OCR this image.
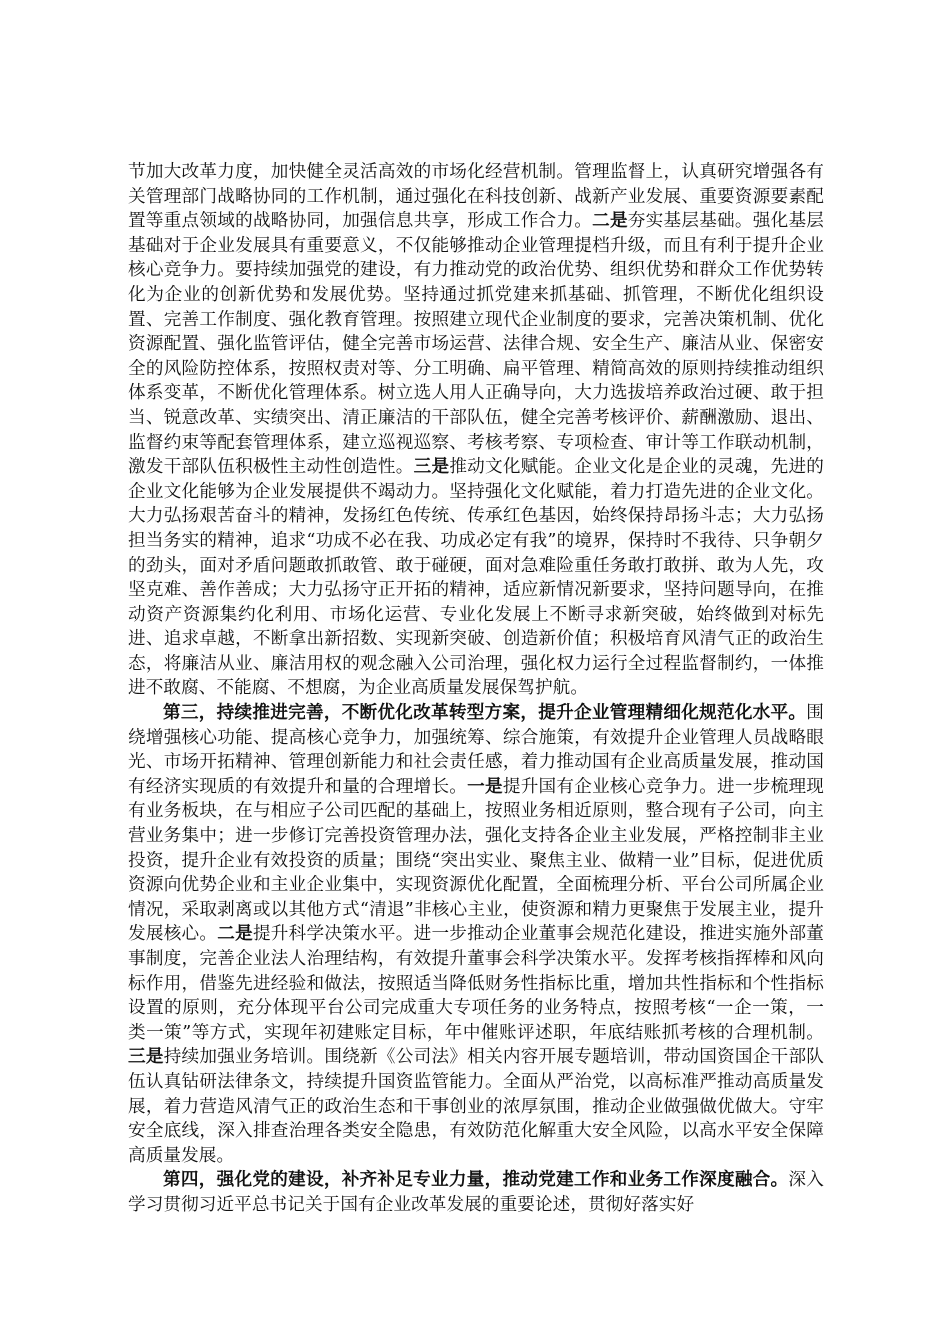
节加大改革力度，加快健全灵活高效的市场化经营机制。管理监督上，认真研究增强各有关管理部门战略协同的工作机制，通过强化在科技创新、战新产业发展、重要资源要素配置等重点领域的战略协同，加强信息共享，形成工作合力。二是夯实基层基础。强化基层基础对于企业发展具有重要意义，不仅能够推动企业管理提档升级，而且有利于提升企业核心竞争力。要持续加强党的建设，有力推动党的政治优势、组织优势和群众工作优势转化为企业的创新优势和发展优势。坚持通过抓党建来抓基础、抓管理，不断优化组织设置、完善工作制度、强化教育管理。按照建立现代企业制度的要求，完善决策机制、优化资源配置、强化监管评估，健全完善市场运营、法律合规、安全生产、廉洁从业、保密安全的风险防控体系，按照权责对等、分工明确、扁平管理、精简高效的原则持续推动组织体系变革，不断优化管理体系。树立选人用人正确导向，大力选拔培养政治过硬、敢于担当、锐意改革、实绩突出、清正廉洁的干部队伍，健全完善考核评价、薪酬激励、退出、监督约束等配套管理体系，建立巡视巡察、考核考察、专项检查、审计等工作联动机制，激发干部队伍积极性主动性创造性。三是推动文化赋能。企业文化是企业的灵魂，先进的企业文化能够为企业发展提供不竭动力。坚持强化文化赋能，着力打造先进的企业文化。大力弘扬艰苦奋斗的精神，发扬红色传统、传承红色基因，始终保持昂扬斗志；大力弘扬担当务实的精神，追求“功成不必在我、功成必定有我”的境界，保持时不我待、只争朝夕的劲头，面对矛盾问题敢抓敢管、敢于碰硬，面对急难险重任务敢打敢拼、敢为人先，攻坚克难、善作善成；大力弘扬守正开拓的精神，适应新情况新要求，坚持问题导向，在推动资产资源集约化利用、市场化运营、专业化发展上不断寻求新突破，始终做到对标先进、追求卓越，不断拿出新招数、实现新突破、创造新价值；积极培育风清气正的政治生态，将廉洁从业、廉洁用权的观念融入公司治理，强化权力运行全过程监督制约，一体推进不敢腐、不能腐、不想腐，为企业高质量发展保驾护航。

第三，持续推进完善，不断优化改革转型方案，提升企业管理精细化规范化水平。围绕增强核心功能、提高核心竞争力，加强统筹、综合施策，有效提升企业管理人员战略眼光、市场开拓精神、管理创新能力和社会责任感，着力推动国有企业高质量发展，推动国有经济实现质的有效提升和量的合理增长。一是提升国有企业核心竞争力。进一步梳理现有业务板块，在与相应子公司匹配的基础上，按照业务相近原则，整合现有子公司，向主营业务集中；进一步修订完善投资管理办法，强化支持各企业主业发展，严格控制非主业投资，提升企业有效投资的质量；围绕“突出实业、聚焦主业、做精一业”目标，促进优质资源向优势企业和主业企业集中，实现资源优化配置，全面梳理分析、平台公司所属企业情况，采取剥离或以其他方式“清退”非核心主业，使资源和精力更聚焦于发展主业，提升发展核心。二是提升科学决策水平。进一步推动企业董事会规范化建设，推进实施外部董事制度，完善企业法人治理结构，有效提升董事会科学决策水平。发挥考核指挥棒和风向标作用，借鉴先进经验和做法，按照适当降低财务性指标比重，增加共性指标和个性指标设置的原则，充分体现平台公司完成重大专项任务的业务特点，按照考核“一企一策，一类一策”等方式，实现年初建账定目标，年中催账评述职，年底结账抓考核的合理机制。三是持续加强业务培训。围绕新《公司法》相关内容开展专题培训，带动国资国企干部队伍认真钻研法律条文，持续提升国资监管能力。全面从严治党，以高标准严推动高质量发展，着力营造风清气正的政治生态和干事创业的浓厚氛围，推动企业做强做优做大。守牢安全底线，深入排查治理各类安全隐患，有效防范化解重大安全风险，以高水平安全保障高质量发展。

第四，强化党的建设，补齐补足专业力量，推动党建工作和业务工作深度融合。深入学习贯彻习近平总书记关于国有企业改革发展的重要论述，贯彻好落实好
